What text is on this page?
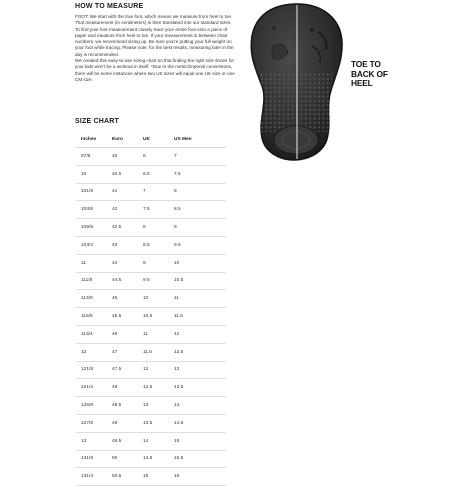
HOW TO MEASURE

FOOT: We start with the true foot, which means we measure from heel to toe. That measurement (in centimeters) is then translated into our standard sizes.

To find your foot measurement closely trace your entire foot onto a piece of paper and measure from heel to toe. If your measurement is between chart numbers, we recommend sizing up. Be sure you're putting your full weight on your foot while tracing. Please note: for the best results, measuring later in the day is recommended.

We created this easy-to-use sizing chart so that finding the right size shoes for your kids won't be a workout in itself. *Due to the metric/imperial conversions, there will be some instances where two US sizes will equal one UK size or one CM size.

SIZE CHART
Inches	Euro	UK	US Men
97/8	40	6	7
10	40.5	6.5	7.5
101/8	41	7	8
103/8	42	7.5	8.5
105/8	42.5	8	9
103/4	43	8.5	9.5
11	44	9	10
111/8	44.5	9.5	10.5
113/8	45	10	11
115/8	45.5	10.5	11.5
113/4	46	11	12
12	47	11.5	12.5
121/8	47.5	12	13
121/4	48	12.5	13.5
125/8	48.5	13	14
127/8	49	13.5	14.5
13	49.5	14	15
131/8	50	14.5	15.5
131/4	50.5	15	16
TOE TO
BACK OF
HEEL
